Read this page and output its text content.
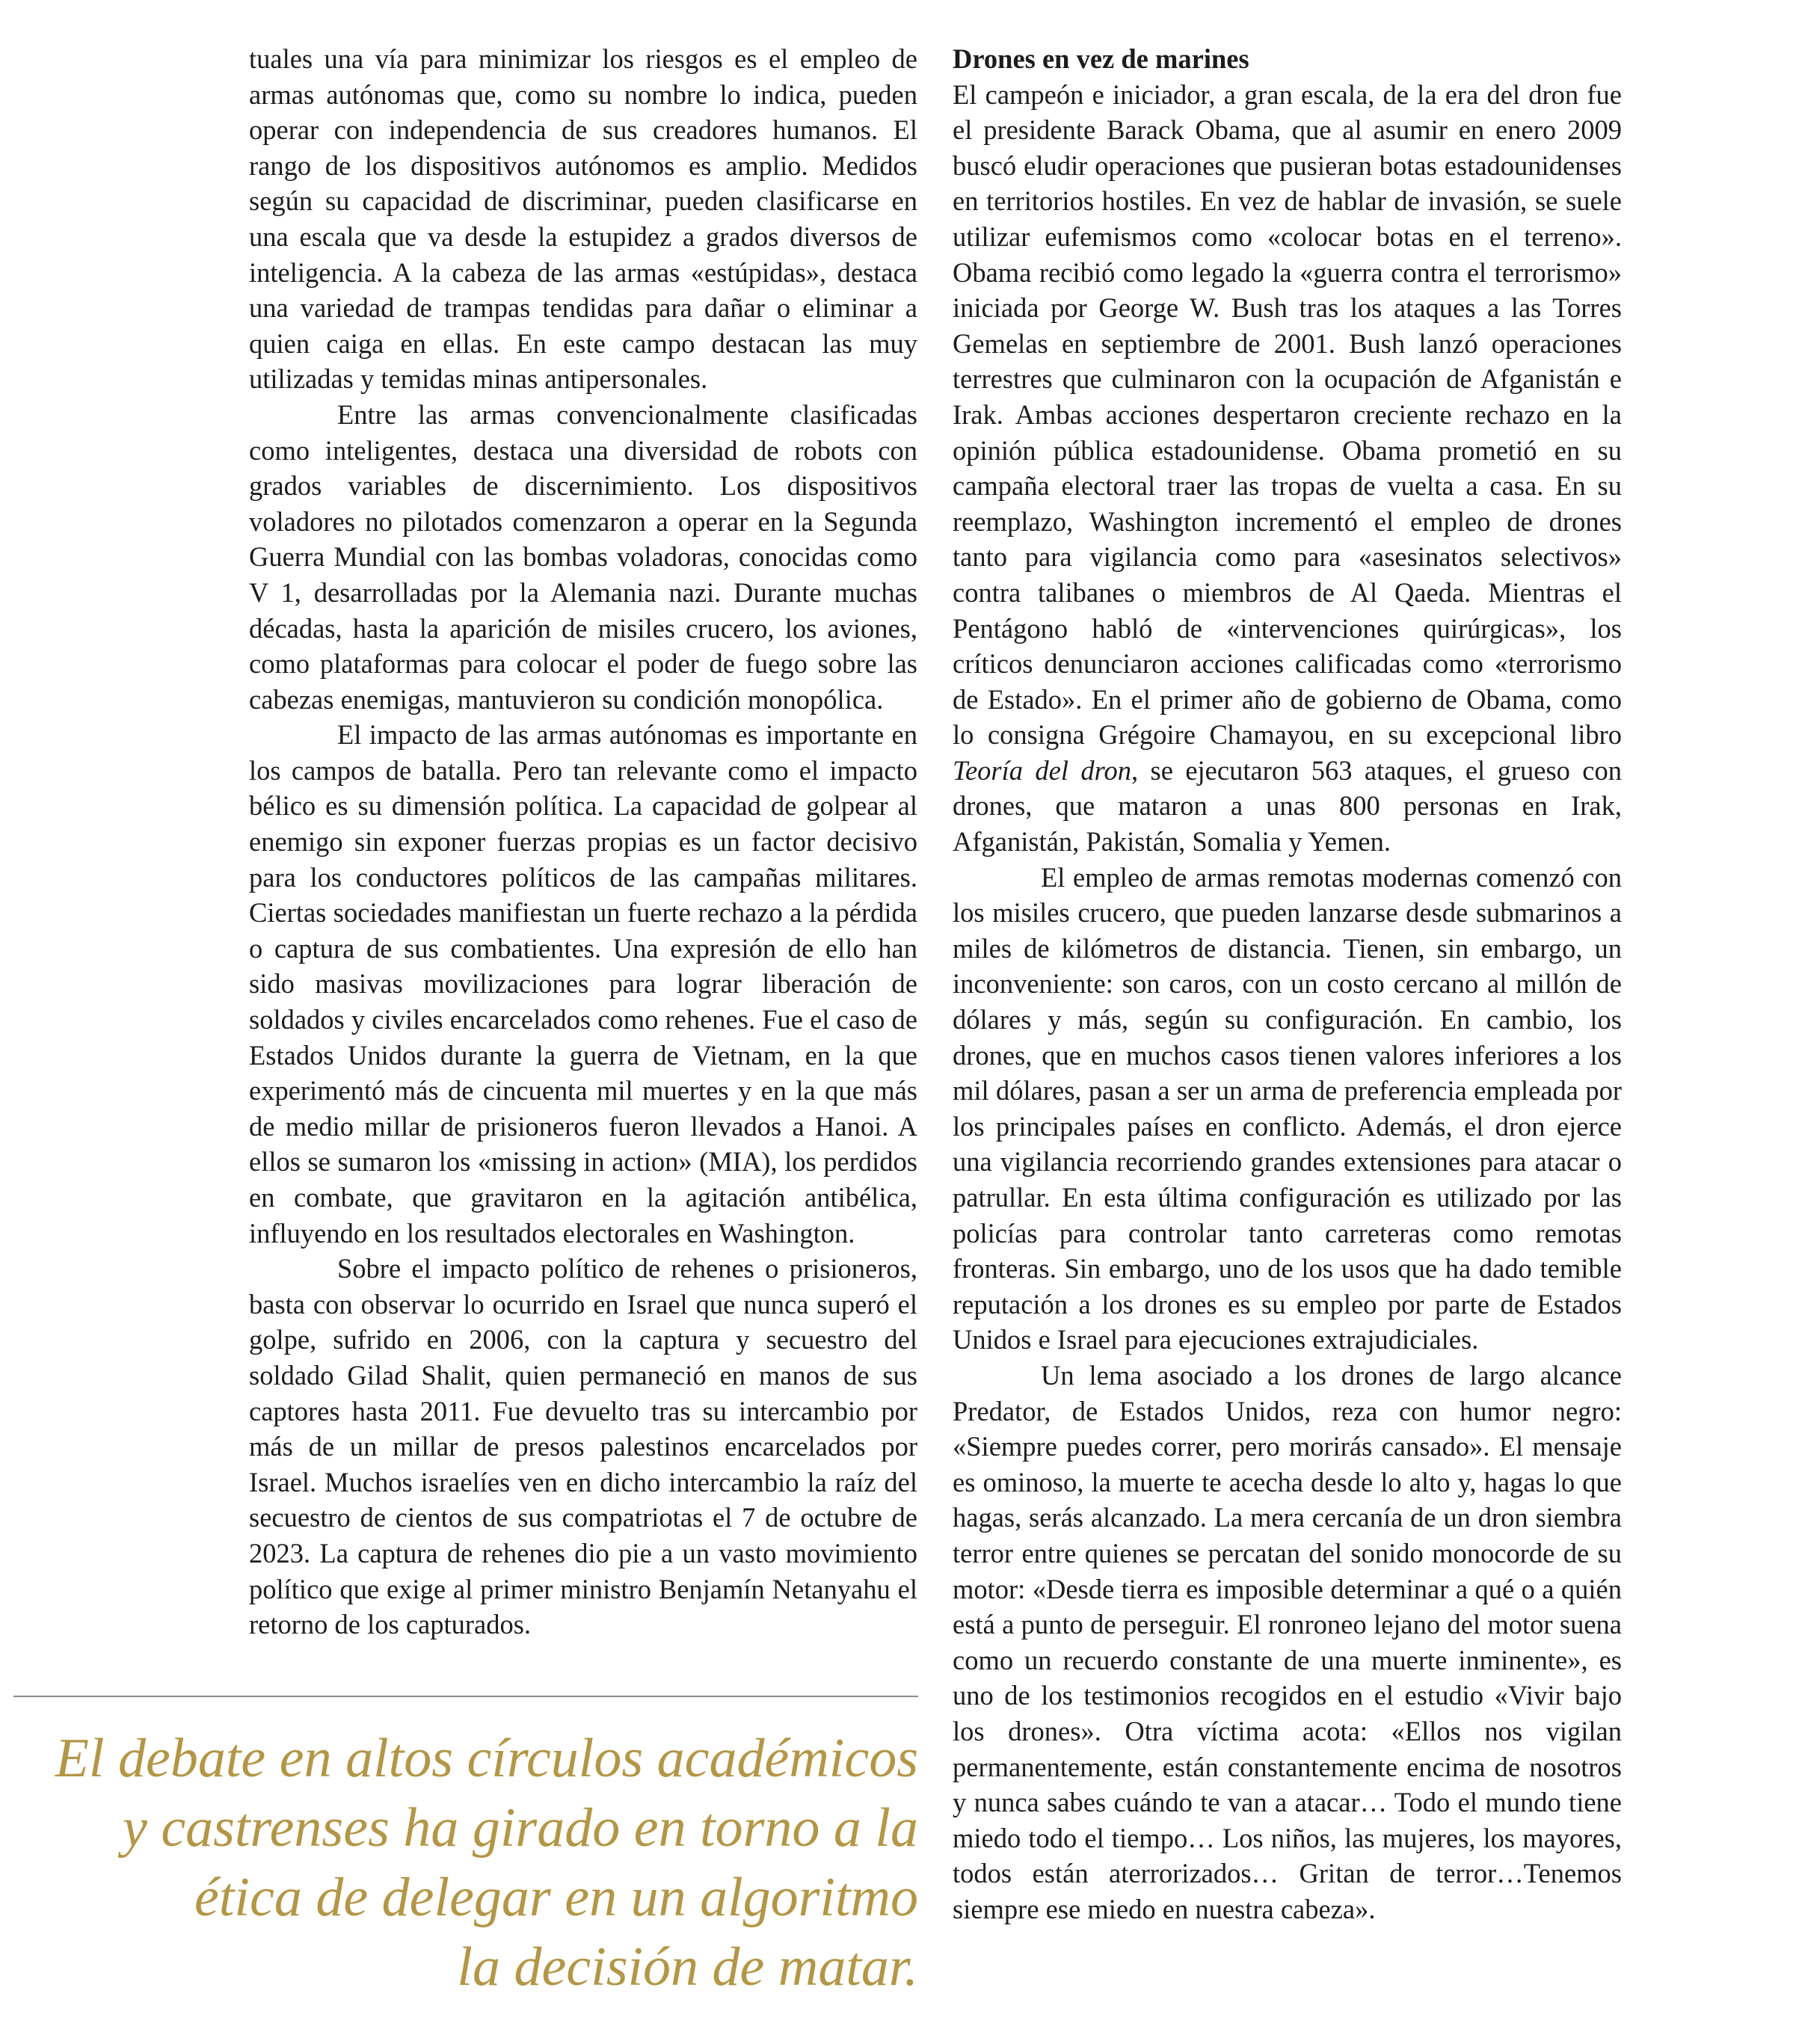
tuales una vía para minimizar los riesgos es el empleo de armas autónomas que, como su nombre lo indica, pueden operar con independencia de sus creadores humanos. El rango de los dispositivos autónomos es amplio. Medidos según su capacidad de discriminar, pueden clasificarse en una escala que va desde la estupidez a grados diversos de inteligencia. A la cabeza de las armas «estúpidas», destaca una variedad de trampas tendidas para dañar o eliminar a quien caiga en ellas. En este campo destacan las muy utilizadas y temidas minas antipersonales.

Entre las armas convencionalmente clasificadas como inteligentes, destaca una diversidad de robots con grados variables de discernimiento. Los dispositivos voladores no pilotados comenzaron a operar en la Segunda Guerra Mundial con las bombas voladoras, conocidas como V 1, desarrolladas por la Alemania nazi. Durante muchas décadas, hasta la aparición de misiles crucero, los aviones, como plataformas para colocar el poder de fuego sobre las cabezas enemigas, mantuvieron su condición monopólica.

El impacto de las armas autónomas es importante en los campos de batalla. Pero tan relevante como el impacto bélico es su dimensión política. La capacidad de golpear al enemigo sin exponer fuerzas propias es un factor decisivo para los conductores políticos de las campañas militares. Ciertas sociedades manifiestan un fuerte rechazo a la pérdida o captura de sus combatientes. Una expresión de ello han sido masivas movilizaciones para lograr liberación de soldados y civiles encarcelados como rehenes. Fue el caso de Estados Unidos durante la guerra de Vietnam, en la que experimentó más de cincuenta mil muertes y en la que más de medio millar de prisioneros fueron llevados a Hanoi. A ellos se sumaron los «missing in action» (MIA), los perdidos en combate, que gravitaron en la agitación antibélica, influyendo en los resultados electorales en Washington.

Sobre el impacto político de rehenes o prisioneros, basta con observar lo ocurrido en Israel que nunca superó el golpe, sufrido en 2006, con la captura y secuestro del soldado Gilad Shalit, quien permaneció en manos de sus captores hasta 2011. Fue devuelto tras su intercambio por más de un millar de presos palestinos encarcelados por Israel. Muchos israelíes ven en dicho intercambio la raíz del secuestro de cientos de sus compatriotas el 7 de octubre de 2023. La captura de rehenes dio pie a un vasto movimiento político que exige al primer ministro Benjamín Netanyahu el retorno de los capturados.

Drones en vez de marines

El campeón e iniciador, a gran escala, de la era del dron fue el presidente Barack Obama, que al asumir en enero 2009 buscó eludir operaciones que pusieran botas estadounidenses en territorios hostiles. En vez de hablar de invasión, se suele utilizar eufemismos como «colocar botas en el terreno». Obama recibió como legado la «guerra contra el terrorismo» iniciada por George W. Bush tras los ataques a las Torres Gemelas en septiembre de 2001. Bush lanzó operaciones terrestres que culminaron con la ocupación de Afganistán e Irak. Ambas acciones despertaron creciente rechazo en la opinión pública estadounidense. Obama prometió en su campaña electoral traer las tropas de vuelta a casa. En su reemplazo, Washington incrementó el empleo de drones tanto para vigilancia como para «asesinatos selectivos» contra talibanes o miembros de Al Qaeda. Mientras el Pentágono habló de «intervenciones quirúrgicas», los críticos denunciaron acciones calificadas como «terrorismo de Estado». En el primer año de gobierno de Obama, como lo consigna Grégoire Chamayou, en su excepcional libro Teoría del dron, se ejecutaron 563 ataques, el grueso con drones, que mataron a unas 800 personas en Irak, Afganistán, Pakistán, Somalia y Yemen.

El empleo de armas remotas modernas comenzó con los misiles crucero, que pueden lanzarse desde submarinos a miles de kilómetros de distancia. Tienen, sin embargo, un inconveniente: son caros, con un costo cercano al millón de dólares y más, según su configuración. En cambio, los drones, que en muchos casos tienen valores inferiores a los mil dólares, pasan a ser un arma de preferencia empleada por los principales países en conflicto. Además, el dron ejerce una vigilancia recorriendo grandes extensiones para atacar o patrullar. En esta última configuración es utilizado por las policías para controlar tanto carreteras como remotas fronteras. Sin embargo, uno de los usos que ha dado temible reputación a los drones es su empleo por parte de Estados Unidos e Israel para ejecuciones extrajudiciales.

Un lema asociado a los drones de largo alcance Predator, de Estados Unidos, reza con humor negro: «Siempre puedes correr, pero morirás cansado». El mensaje es ominoso, la muerte te acecha desde lo alto y, hagas lo que hagas, serás alcanzado. La mera cercanía de un dron siembra terror entre quienes se percatan del sonido monocorde de su motor: «Desde tierra es imposible determinar a qué o a quién está a punto de perseguir. El ronroneo lejano del motor suena como un recuerdo constante de una muerte inminente», es uno de los testimonios recogidos en el estudio «Vivir bajo los drones». Otra víctima acota: «Ellos nos vigilan permanentemente, están constantemente encima de nosotros y nunca sabes cuándo te van a atacar… Todo el mundo tiene miedo todo el tiempo… Los niños, las mujeres, los mayores, todos están aterrorizados… Gritan de terror…Tenemos siempre ese miedo en nuestra cabeza».

El debate en altos círculos académicos
y castrenses ha girado en torno a la
ética de delegar en un algoritmo
la decisión de matar.
